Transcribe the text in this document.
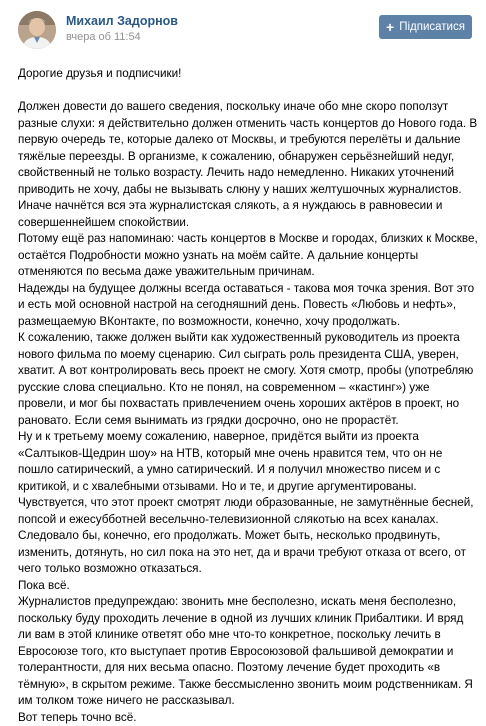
Михаил Задорнов
вчера об 11:54
+ Підписатися

Дорогие друзья и подписчики!

Должен довести до вашего сведения, поскольку иначе обо мне скоро поползут разные слухи: я действительно должен отменить часть концертов до Нового года. В первую очередь те, которые далеко от Москвы, и требуются перелёты и дальние тяжёлые переезды. В организме, к сожалению, обнаружен серьёзнейший недуг, свойственный не только возрасту. Лечить надо немедленно. Никаких уточнений приводить не хочу, дабы не вызывать слюну у наших желтушочных журналистов. Иначе начнётся вся эта журналистская слякоть, а я нуждаюсь в равновесии и совершеннейшем спокойствии.

Потому ещё раз напоминаю: часть концертов в Москве и городах, близких к Москве, остаётся Подробности можно узнать на моём сайте. А дальние концерты отменяются по весьма даже уважительным причинам.

Надежды на будущее должны всегда оставаться - такова моя точка зрения. Вот это и есть мой основной настрой на сегодняшний день. Повесть «Любовь и нефть», размещаемую ВКонтакте, по возможности, конечно, хочу продолжать.

К сожалению, также должен выйти как художественный руководитель из проекта нового фильма по моему сценарию. Сил сыграть роль президента США, уверен, хватит. А вот контролировать весь проект не смогу. Хотя смотр, пробы (употребляю русские слова специально. Кто не понял, на современном – «кастинг») уже провели, и мог бы похвастать привлечением очень хороших актёров в проект, но рановато. Если семя вынимать из грядки досрочно, оно не прорастёт.

Ну и к третьему моему сожалению, наверное, придётся выйти из проекта «Салтыков-Щедрин шоу» на НТВ, который мне очень нравится тем, что он не пошло сатирический, а умно сатирический. И я получил множество писем и с критикой, и с хвалебными отзывами. Но и те, и другие аргументированы. Чувствуется, что этот проект смотрят люди образованные, не замутнённые бесней, попсой и ежесубботней весельчно-телевизионной слякотью на всех каналах. Следовало бы, конечно, его продолжать. Может быть, несколько продвинуть, изменить, дотянуть, но сил пока на это нет, да и врачи требуют отказа от всего, от чего только возможно отказаться.

Пока всё.

Журналистов предупреждаю: звонить мне бесполезно, искать меня бесполезно, поскольку буду проходить лечение в одной из лучших клиник Прибалтики. И вряд ли вам в этой клинике ответят обо мне что-то конкретное, поскольку лечить в Евросоюзе того, кто выступает против Евросоюзовой фальшивой демократии и толерантности, для них весьма опасно. Поэтому лечение будет проходить «в тёмную», в скрытом режиме. Также бессмысленно звонить моим родственникам. Я им толком тоже ничего не рассказывал.

Вот теперь точно всё.
